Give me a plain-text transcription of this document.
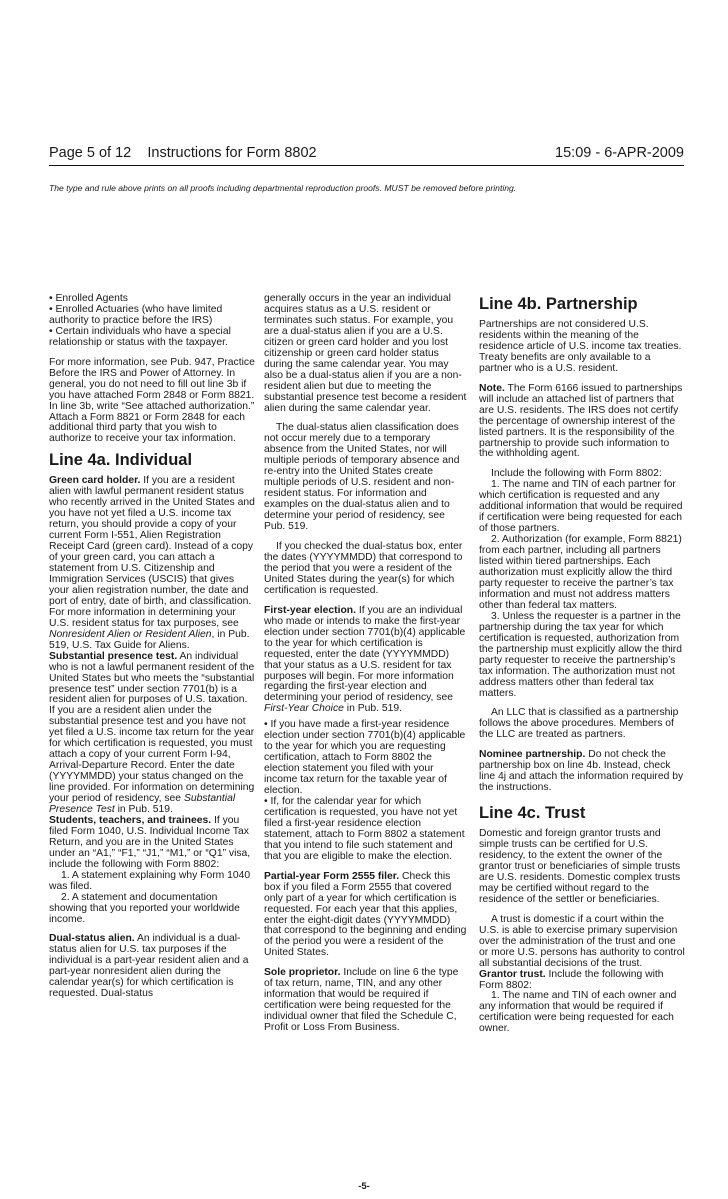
Page 5 of 12    Instructions for Form 8802	15:09 - 6-APR-2009
The type and rule above prints on all proofs including departmental reproduction proofs. MUST be removed before printing.

• Enrolled Agents

• Enrolled Actuaries (who have limited authority to practice before the IRS)

• Certain individuals who have a special relationship or status with the taxpayer.

For more information, see Pub. 947, Practice Before the IRS and Power of Attorney. In general, you do not need to fill out line 3b if you have attached Form 2848 or Form 8821. In line 3b, write “See attached authorization.” Attach a Form 8821 or Form 2848 for each additional third party that you wish to authorize to receive your tax information.

Line 4a. Individual

Green card holder. If you are a resident alien with lawful permanent resident status who recently arrived in the United States and you have not yet filed a U.S. income tax return, you should provide a copy of your current Form I-551, Alien Registration Receipt Card (green card). Instead of a copy of your green card, you can attach a statement from U.S. Citizenship and Immigration Services (USCIS) that gives your alien registration number, the date and port of entry, date of birth, and classification. For more information in determining your U.S. resident status for tax purposes, see Nonresident Alien or Resident Alien, in Pub. 519, U.S. Tax Guide for Aliens.

Substantial presence test. An individual who is not a lawful permanent resident of the United States but who meets the “substantial presence test” under section 7701(b) is a resident alien for purposes of U.S. taxation. If you are a resident alien under the substantial presence test and you have not yet filed a U.S. income tax return for the year for which certification is requested, you must attach a copy of your current Form I-94, Arrival-Departure Record. Enter the date (YYYYMMDD) your status changed on the line provided. For information on determining your period of residency, see Substantial Presence Test in Pub. 519.

Students, teachers, and trainees. If you filed Form 1040, U.S. Individual Income Tax Return, and you are in the United States under an “A1,” “F1,” “J1,” “M1,” or “Q1” visa, include the following with Form 8802:

1. A statement explaining why Form 1040 was filed.

2. A statement and documentation showing that you reported your worldwide income.

Dual-status alien. An individual is a dual-status alien for U.S. tax purposes if the individual is a part-year resident alien and a part-year nonresident alien during the calendar year(s) for which certification is requested. Dual-status

generally occurs in the year an individual acquires status as a U.S. resident or terminates such status. For example, you are a dual-status alien if you are a U.S. citizen or green card holder and you lost citizenship or green card holder status during the same calendar year. You may also be a dual-status alien if you are a non-resident alien but due to meeting the substantial presence test become a resident alien during the same calendar year.

The dual-status alien classification does not occur merely due to a temporary absence from the United States, nor will multiple periods of temporary absence and re-entry into the United States create multiple periods of U.S. resident and non-resident status. For information and examples on the dual-status alien and to determine your period of residency, see Pub. 519.

If you checked the dual-status box, enter the dates (YYYYMMDD) that correspond to the period that you were a resident of the United States during the year(s) for which certification is requested.

First-year election. If you are an individual who made or intends to make the first-year election under section 7701(b)(4) applicable to the year for which certification is requested, enter the date (YYYYMMDD) that your status as a U.S. resident for tax purposes will begin. For more information regarding the first-year election and determining your period of residency, see First-Year Choice in Pub. 519.

• If you have made a first-year residence election under section 7701(b)(4) applicable to the year for which you are requesting certification, attach to Form 8802 the election statement you filed with your income tax return for the taxable year of election.

• If, for the calendar year for which certification is requested, you have not yet filed a first-year residence election statement, attach to Form 8802 a statement that you intend to file such statement and that you are eligible to make the election.

Partial-year Form 2555 filer. Check this box if you filed a Form 2555 that covered only part of a year for which certification is requested. For each year that this applies, enter the eight-digit dates (YYYYMMDD) that correspond to the beginning and ending of the period you were a resident of the United States.

Sole proprietor. Include on line 6 the type of tax return, name, TIN, and any other information that would be required if certification were being requested for the individual owner that filed the Schedule C, Profit or Loss From Business.

Line 4b. Partnership

Partnerships are not considered U.S. residents within the meaning of the residence article of U.S. income tax treaties. Treaty benefits are only available to a partner who is a U.S. resident.

Note. The Form 6166 issued to partnerships will include an attached list of partners that are U.S. residents. The IRS does not certify the percentage of ownership interest of the listed partners. It is the responsibility of the partnership to provide such information to the withholding agent.

Include the following with Form 8802:

1. The name and TIN of each partner for which certification is requested and any additional information that would be required if certification were being requested for each of those partners.

2. Authorization (for example, Form 8821) from each partner, including all partners listed within tiered partnerships. Each authorization must explicitly allow the third party requester to receive the partner’s tax information and must not address matters other than federal tax matters.

3. Unless the requester is a partner in the partnership during the tax year for which certification is requested, authorization from the partnership must explicitly allow the third party requester to receive the partnership’s tax information. The authorization must not address matters other than federal tax matters.

An LLC that is classified as a partnership follows the above procedures. Members of the LLC are treated as partners.

Nominee partnership. Do not check the partnership box on line 4b. Instead, check line 4j and attach the information required by the instructions.

Line 4c. Trust

Domestic and foreign grantor trusts and simple trusts can be certified for U.S. residency, to the extent the owner of the grantor trust or beneficiaries of simple trusts are U.S. residents. Domestic complex trusts may be certified without regard to the residence of the settler or beneficiaries.

A trust is domestic if a court within the U.S. is able to exercise primary supervision over the administration of the trust and one or more U.S. persons has authority to control all substantial decisions of the trust.

Grantor trust. Include the following with Form 8802:

1. The name and TIN of each owner and any information that would be required if certification were being requested for each owner.

-5-
